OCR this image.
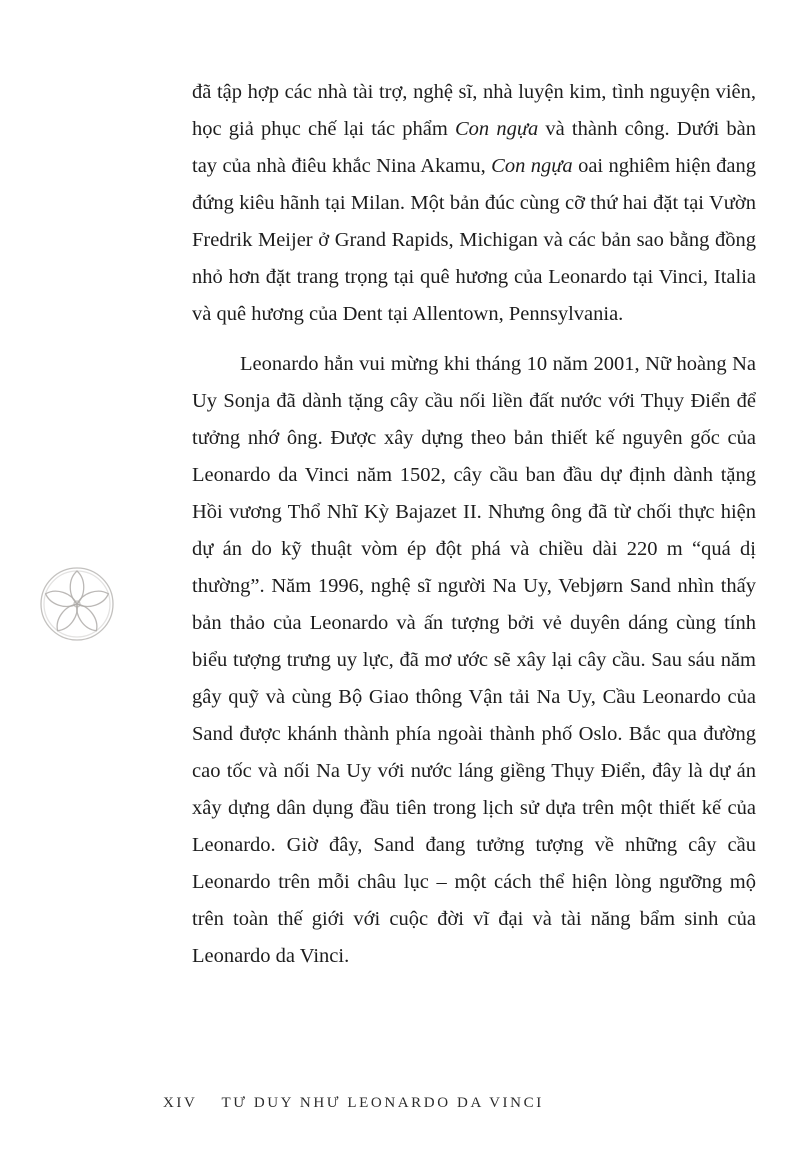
đã tập hợp các nhà tài trợ, nghệ sĩ, nhà luyện kim, tình nguyện viên, học giả phục chế lại tác phẩm Con ngựa và thành công. Dưới bàn tay của nhà điêu khắc Nina Akamu, Con ngựa oai nghiêm hiện đang đứng kiêu hãnh tại Milan. Một bản đúc cùng cỡ thứ hai đặt tại Vườn Fredrik Meijer ở Grand Rapids, Michigan và các bản sao bằng đồng nhỏ hơn đặt trang trọng tại quê hương của Leonardo tại Vinci, Italia và quê hương của Dent tại Allentown, Pennsylvania.

Leonardo hẳn vui mừng khi tháng 10 năm 2001, Nữ hoàng Na Uy Sonja đã dành tặng cây cầu nối liền đất nước với Thụy Điển để tưởng nhớ ông. Được xây dựng theo bản thiết kế nguyên gốc của Leonardo da Vinci năm 1502, cây cầu ban đầu dự định dành tặng Hồi vương Thổ Nhĩ Kỳ Bajazet II. Nhưng ông đã từ chối thực hiện dự án do kỹ thuật vòm ép đột phá và chiều dài 220 m “quá dị thường”. Năm 1996, nghệ sĩ người Na Uy, Vebjørn Sand nhìn thấy bản thảo của Leonardo và ấn tượng bởi vẻ duyên dáng cùng tính biểu tượng trưng uy lực, đã mơ ước sẽ xây lại cây cầu. Sau sáu năm gây quỹ và cùng Bộ Giao thông Vận tải Na Uy, Cầu Leonardo của Sand được khánh thành phía ngoài thành phố Oslo. Bắc qua đường cao tốc và nối Na Uy với nước láng giềng Thụy Điển, đây là dự án xây dựng dân dụng đầu tiên trong lịch sử dựa trên một thiết kế của Leonardo. Giờ đây, Sand đang tưởng tượng về những cây cầu Leonardo trên mỗi châu lục – một cách thể hiện lòng ngưỡng mộ trên toàn thế giới với cuộc đời vĩ đại và tài năng bẩm sinh của Leonardo da Vinci.

XIV TƯ DUY NHƯ LEONARDO DA VINCI
